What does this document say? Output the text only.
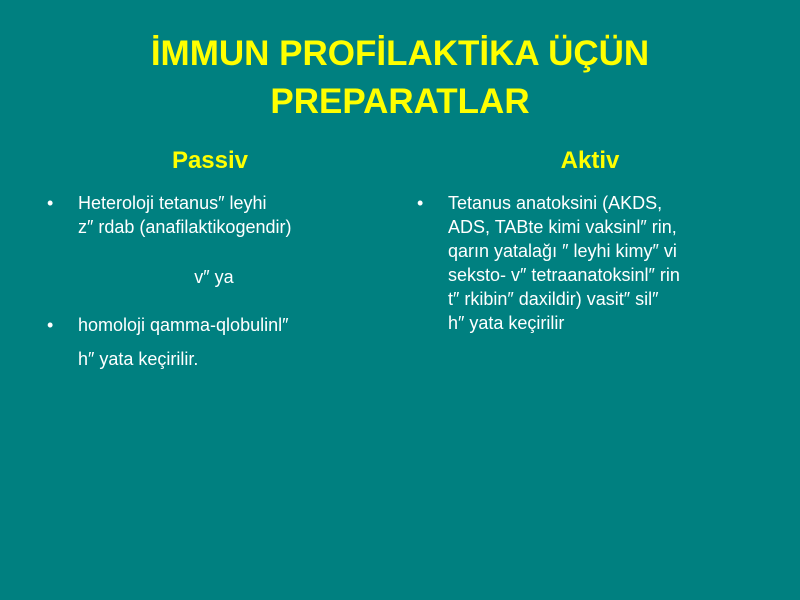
İMMUN PROFİLAKTİKA ÜÇÜN
PREPARATLAR
Passiv
• Heteroloji tetanus″ leyhi
z″ rdab (anafilaktikogendir)
v″ ya
• homoloji qamma-qlobulinl″
h″ yata keçirilir.
Aktiv
• Tetanus anatoksini (AKDS,
ADS, TABte kimi vaksinl″ rin,
qarın yatalağı ″ leyhi kimy″ vi
seksto- v″ tetraanatoksinl″ rin
t″ rkibin″ daxildir) vasit″ sil″
h″ yata keçirilir
